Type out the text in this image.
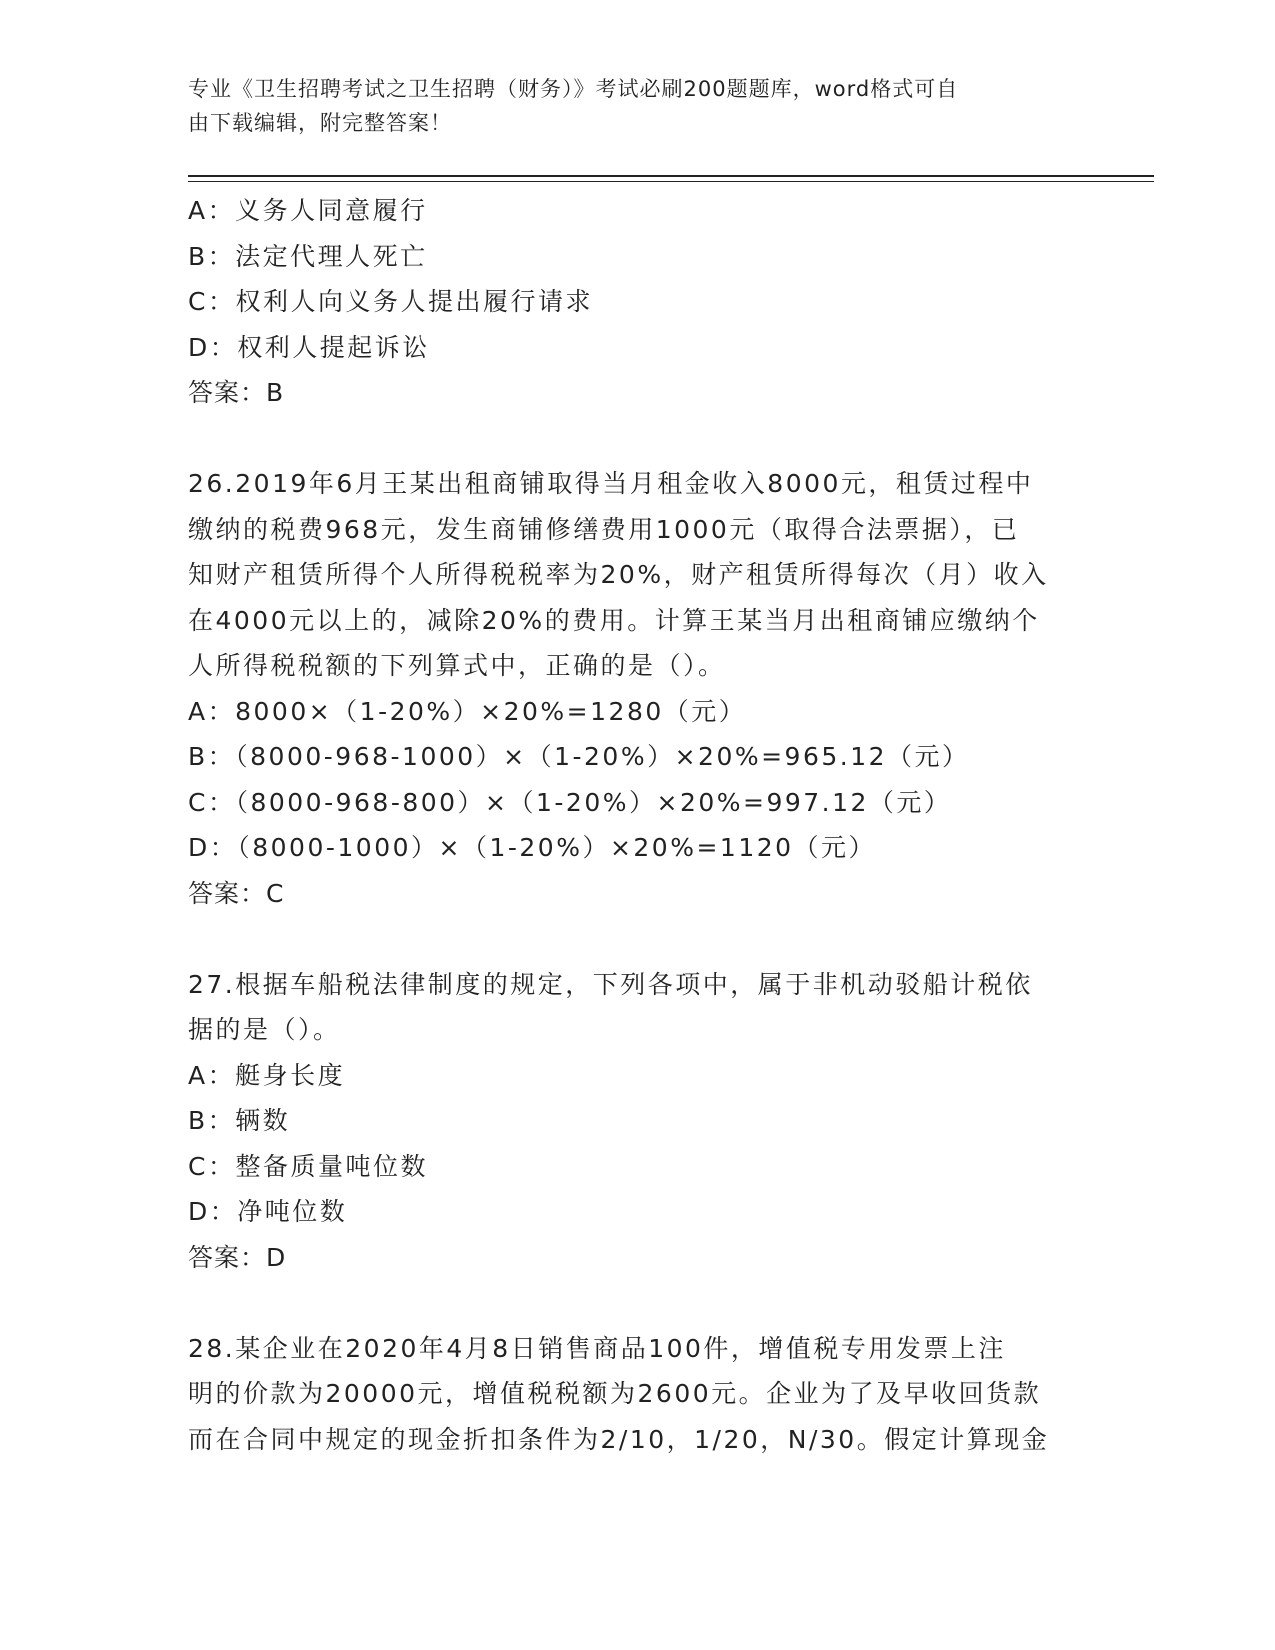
专业《卫生招聘考试之卫生招聘（财务）》考试必刷200题题库，word格式可自
由下载编辑，附完整答案！
A：义务人同意履行
B：法定代理人死亡
C：权利人向义务人提出履行请求
D：权利人提起诉讼
答案：B
26.2019年6月王某出租商铺取得当月租金收入8000元，租赁过程中
缴纳的税费968元，发生商铺修缮费用1000元（取得合法票据），已
知财产租赁所得个人所得税税率为20%，财产租赁所得每次（月）收入
在4000元以上的，减除20%的费用。计算王某当月出租商铺应缴纳个
人所得税税额的下列算式中，正确的是（）。
A：8000×（1-20%）×20%=1280（元）
B：（8000-968-1000）×（1-20%）×20%=965.12（元）
C：（8000-968-800）×（1-20%）×20%=997.12（元）
D：（8000-1000）×（1-20%）×20%=1120（元）
答案：C
27.根据车船税法律制度的规定，下列各项中，属于非机动驳船计税依
据的是（）。
A：艇身长度
B：辆数
C：整备质量吨位数
D：净吨位数
答案：D
28.某企业在2020年4月8日销售商品100件，增值税专用发票上注
明的价款为20000元，增值税税额为2600元。企业为了及早收回货款
而在合同中规定的现金折扣条件为2/10，1/20，N/30。假定计算现金
